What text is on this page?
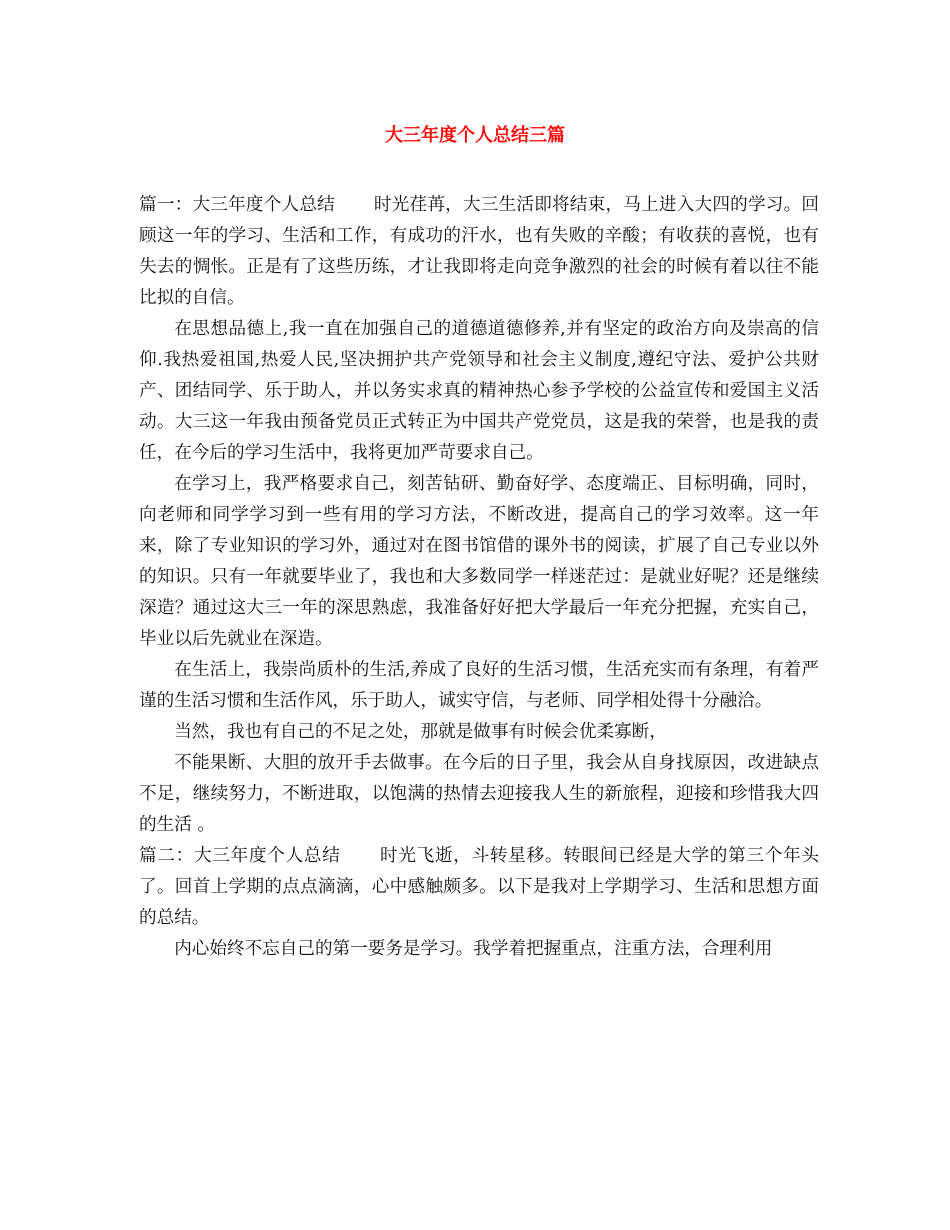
大三年度个人总结三篇

篇一：大三年度个人总结 时光荏苒，大三生活即将结束，马上进入大四的学习。回顾这一年的学习、生活和工作，有成功的汗水，也有失败的辛酸；有收获的喜悦，也有失去的惆怅。正是有了这些历练，才让我即将走向竞争激烈的社会的时候有着以往不能比拟的自信。

在思想品德上,我一直在加强自己的道德道德修养,并有坚定的政治方向及崇高的信仰.我热爱祖国,热爱人民,坚决拥护共产党领导和社会主义制度,遵纪守法、爱护公共财产、团结同学、乐于助人，并以务实求真的精神热心参予学校的公益宣传和爱国主义活动。大三这一年我由预备党员正式转正为中国共产党党员，这是我的荣誉，也是我的责任，在今后的学习生活中，我将更加严苛要求自己。

在学习上，我严格要求自己，刻苦钻研、勤奋好学、态度端正、目标明确，同时，向老师和同学学习到一些有用的学习方法，不断改进，提高自己的学习效率。这一年来，除了专业知识的学习外，通过对在图书馆借的课外书的阅读，扩展了自己专业以外的知识。只有一年就要毕业了，我也和大多数同学一样迷茫过：是就业好呢？还是继续深造？通过这大三一年的深思熟虑，我准备好好把大学最后一年充分把握，充实自己，毕业以后先就业在深造。

在生活上，我崇尚质朴的生活,养成了良好的生活习惯，生活充实而有条理，有着严谨的生活习惯和生活作风，乐于助人，诚实守信，与老师、同学相处得十分融洽。

当然，我也有自己的不足之处，那就是做事有时候会优柔寡断，

不能果断、大胆的放开手去做事。在今后的日子里，我会从自身找原因，改进缺点不足，继续努力，不断进取，以饱满的热情去迎接我人生的新旅程，迎接和珍惜我大四的生活 。

篇二：大三年度个人总结 时光飞逝，斗转星移。转眼间已经是大学的第三个年头了。回首上学期的点点滴滴，心中感触颇多。以下是我对上学期学习、生活和思想方面的总结。

内心始终不忘自己的第一要务是学习。我学着把握重点，注重方法，合理利用
